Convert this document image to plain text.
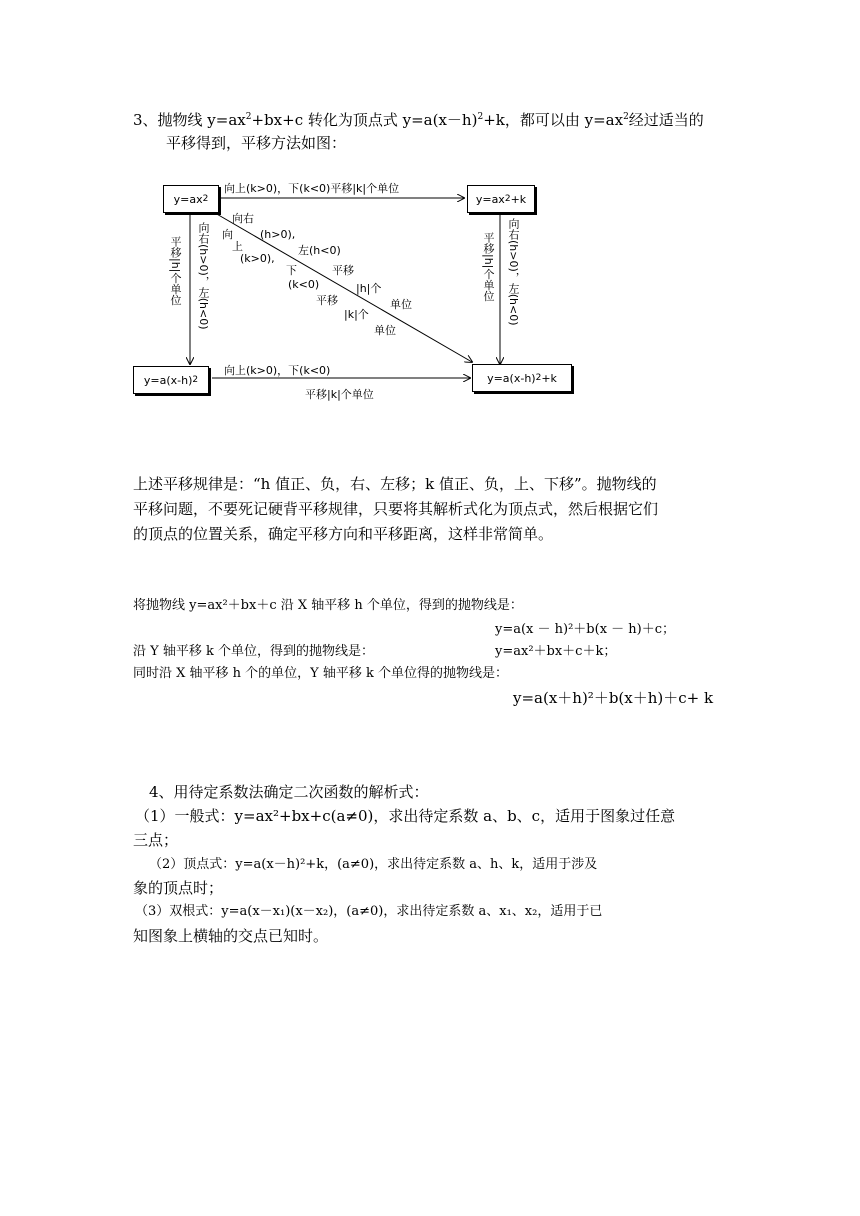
3、抛物线 $y=ax^2+bx+c$ 转化为顶点式 $y=a(x-h)^2+k$，都可以由 $y=ax^2$经过适当的
平移得到，平移方法如图：
y=ax 2	y=ax 2 +k
y=a(x-h) 2	y=a(x-h) 2 +k
向上(k>0)，下(k<0)平移|k|个单位
向上(k>0)，下(k<0)
平移|k|个单位
平移|h|个单位 向右(h>0)，左(h<0)	平移|h|个单位 向右(h>0)，左(h<0)
向右
(h>0),
左(h<0)
平移
|h|个
单位
向
上
(k>0),
下
(k<0)
平移
|k|个
单位
上述平移规律是：“h 值正、负，右、左移；k 值正、负，上、下移”。抛物线的
平移问题，不要死记硬背平移规律，只要将其解析式化为顶点式，然后根据它们
的顶点的位置关系，确定平移方向和平移距离，这样非常简单。
将抛物线 y=ax²＋bx＋c 沿 X 轴平移 h 个单位，得到的抛物线是：
y=a(x － h)²＋b(x － h)＋c；
沿 Y 轴平移 k 个单位，得到的抛物线是：	y=ax²＋bx＋c＋k；
同时沿 X 轴平移 h 个的单位，Y 轴平移 k 个单位得的抛物线是：
y=a(x＋h)²＋b(x＋h)＋c+ k
4、用待定系数法确定二次函数的解析式：
（1）一般式：y=ax²+bx+c(a≠0)，求出待定系数 a、b、c，适用于图象过任意
三点；
（2）顶点式：y=a(x－h)²+k，(a≠0)，求出待定系数 a、h、k，适用于涉及
象的顶点时；
（3）双根式：y=a(x－x₁)(x－x₂)，(a≠0)，求出待定系数 a、x₁、x₂，适用于已
知图象上横轴的交点已知时。
